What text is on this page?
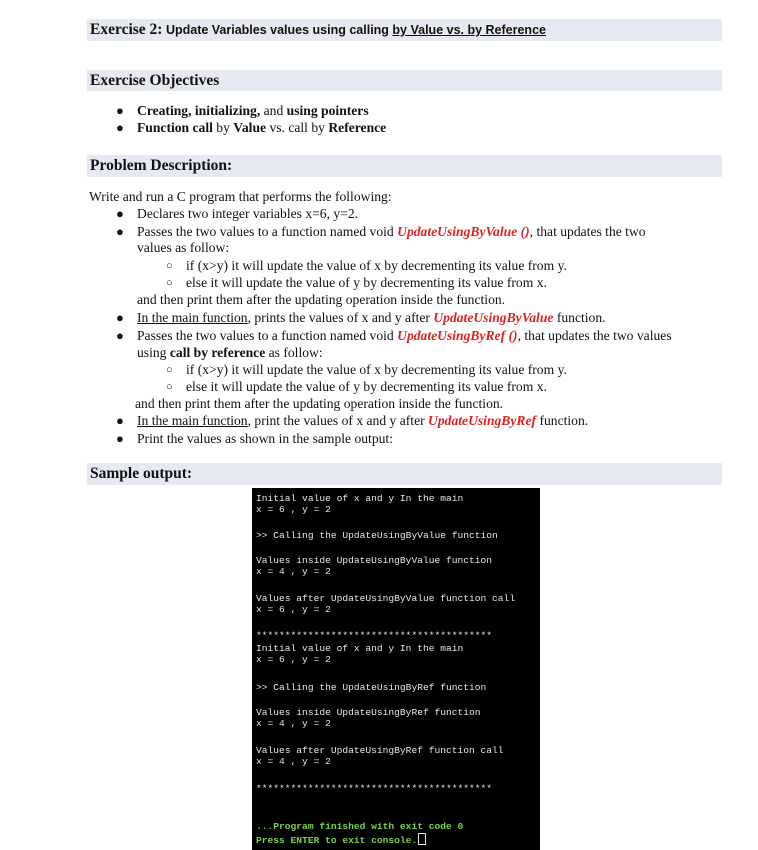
Exercise 2: Update Variables values using calling by Value vs. by Reference
Exercise Objectives
● Creating, initializing, and using pointers
● Function call by Value vs. call by Reference
Problem Description:
Write and run a C program that performs the following:
● Declares two integer variables x=6, y=2.
● Passes the two values to a function named void UpdateUsingByValue (), that updates the two
values as follow:
○ if (x>y) it will update the value of x by decrementing its value from y.
○ else it will update the value of y by decrementing its value from x.
and then print them after the updating operation inside the function.
● In the main function, prints the values of x and y after UpdateUsingByValue function.
● Passes the two values to a function named void UpdateUsingByRef (), that updates the two values
using call by reference as follow:
○ if (x>y) it will update the value of x by decrementing its value from y.
○ else it will update the value of y by decrementing its value from x.
and then print them after the updating operation inside the function.
● In the main function, print the values of x and y after UpdateUsingByRef function.
● Print the values as shown in the sample output:
Sample output:
Initial value of x and y In the main
x = 6 , y = 2
>> Calling the UpdateUsingByValue function
Values inside UpdateUsingByValue function
x = 4 , y = 2
Values after UpdateUsingByValue function call
x = 6 , y = 2
*****************************************
Initial value of x and y In the main
x = 6 , y = 2
>> Calling the UpdateUsingByRef function
Values inside UpdateUsingByRef function
x = 4 , y = 2
Values after UpdateUsingByRef function call
x = 4 , y = 2
*****************************************
...Program finished with exit code 0
Press ENTER to exit console.
